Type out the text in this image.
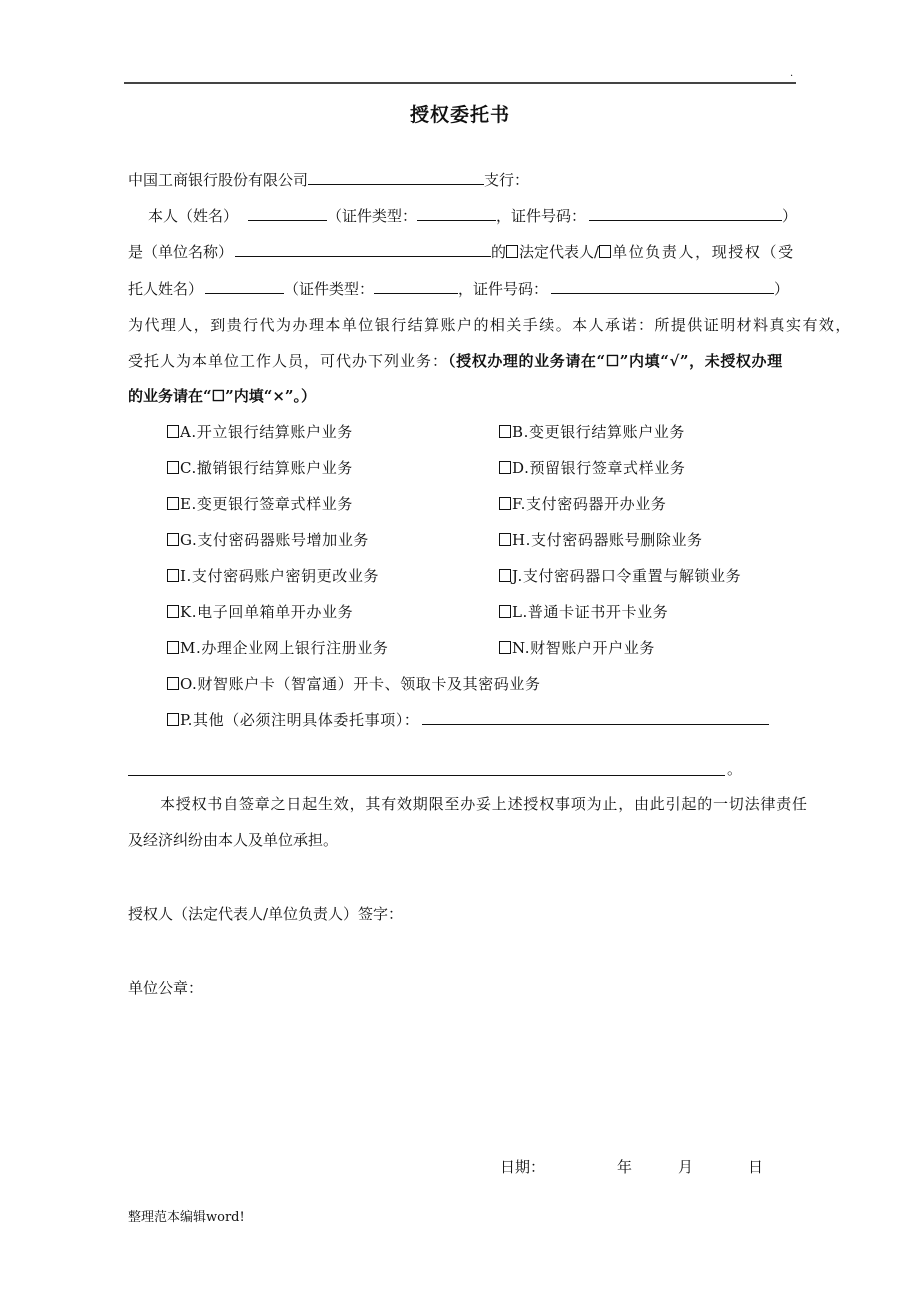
.
授权委托书
中国工商银行股份有限公司	支行：
本人（姓名）	（证件类型：	，证件号码：	）
是（单位名称）	的 法定代表人/ 单位负责人，现授权（受
托人姓名）	（证件类型：	，证件号码：	）
为代理人，到贵行代为办理本单位银行结算账户的相关手续。本人承诺：所提供证明材料真实有效，
受托人为本单位工作人员，可代办下列业务：（授权办理的业务请在“☐”内填“√”，未授权办理
的业务请在“☐”内填“×”。）
A.开立银行结算账户业务	B.变更银行结算账户业务
C.撤销银行结算账户业务	D.预留银行签章式样业务
E.变更银行签章式样业务	F.支付密码器开办业务
G.支付密码器账号增加业务	H.支付密码器账号删除业务
I.支付密码账户密钥更改业务	J.支付密码器口令重置与解锁业务
K.电子回单箱单开办业务	L.普通卡证书开卡业务
M.办理企业网上银行注册业务	N.财智账户开户业务
O.财智账户卡（智富通）开卡、领取卡及其密码业务
P.其他（必须注明具体委托事项）：
。
本授权书自签章之日起生效，其有效期限至办妥上述授权事项为止，由此引起的一切法律责任
及经济纠纷由本人及单位承担。
授权人（法定代表人/单位负责人）签字：
单位公章：
日期：	年	月	日
整理范本编辑word!
